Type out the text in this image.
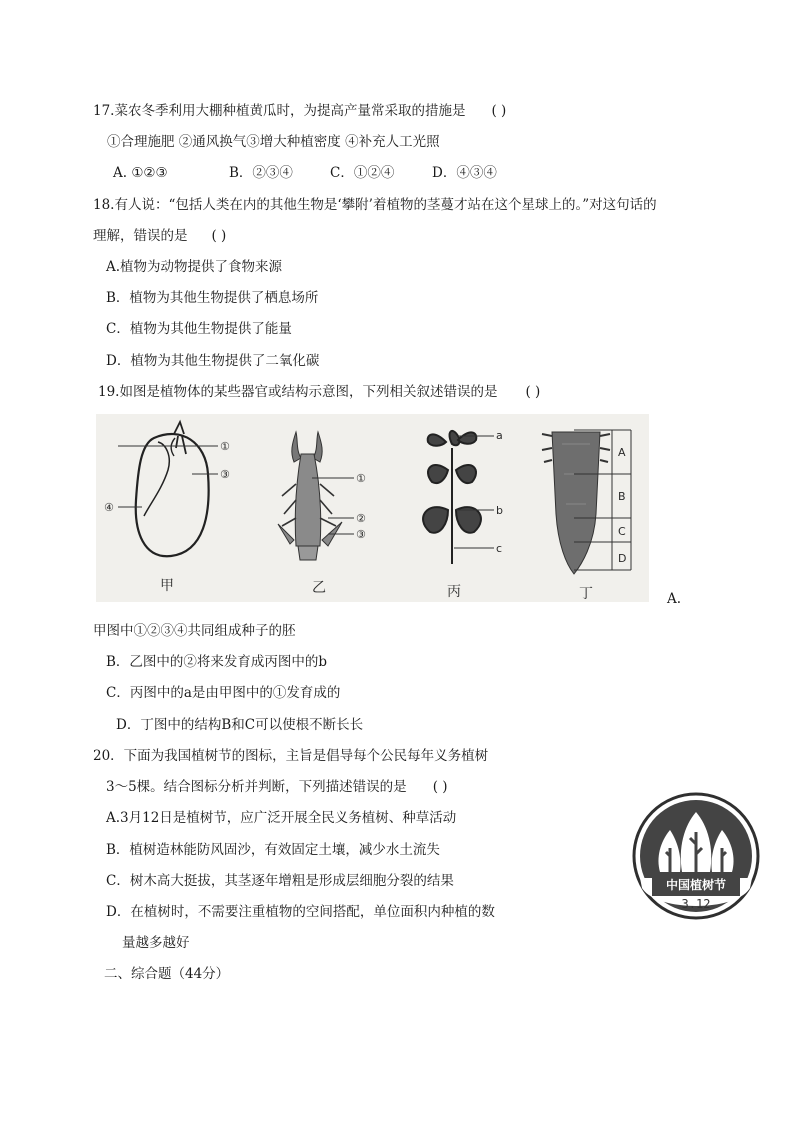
17.菜农冬季利用大棚种植黄瓜时，为提高产量常采取的措施是 ( )
①合理施肥 ②通风换气③增大种植密度 ④补充人工光照
A. ①②③	B．②③④	C．①②④	D．④③④
18.有人说：“包括人类在内的其他生物是‘攀附’着植物的茎蔓才站在这个星球上的。”对这句话的
理解，错误的是 ( )
A.植物为动物提供了食物来源
B．植物为其他生物提供了栖息场所
C．植物为其他生物提供了能量
D．植物为其他生物提供了二氧化碳
19.如图是植物体的某些器官或结构示意图，下列相关叙述错误的是 ( )
①
③
④
甲
①
②
③
乙
a
b
c
丙
A
B
C
D
丁	A.
甲图中①②③④共同组成种子的胚
B．乙图中的②将来发育成丙图中的b
C．丙图中的a是由甲图中的①发育成的
D．丁图中的结构B和C可以使根不断长长
20．下面为我国植树节的图标，主旨是倡导每个公民每年义务植树
3～5棵。结合图标分析并判断，下列描述错误的是 ( )
A.3月12日是植树节，应广泛开展全民义务植树、种草活动
B．植树造林能防风固沙，有效固定土壤，减少水土流失
C．树木高大挺拔，其茎逐年增粗是形成层细胞分裂的结果
D．在植树时，不需要注重植物的空间搭配，单位面积内种植的数
量越多越好
中国植树节
3.12
二、综合题（44分）
